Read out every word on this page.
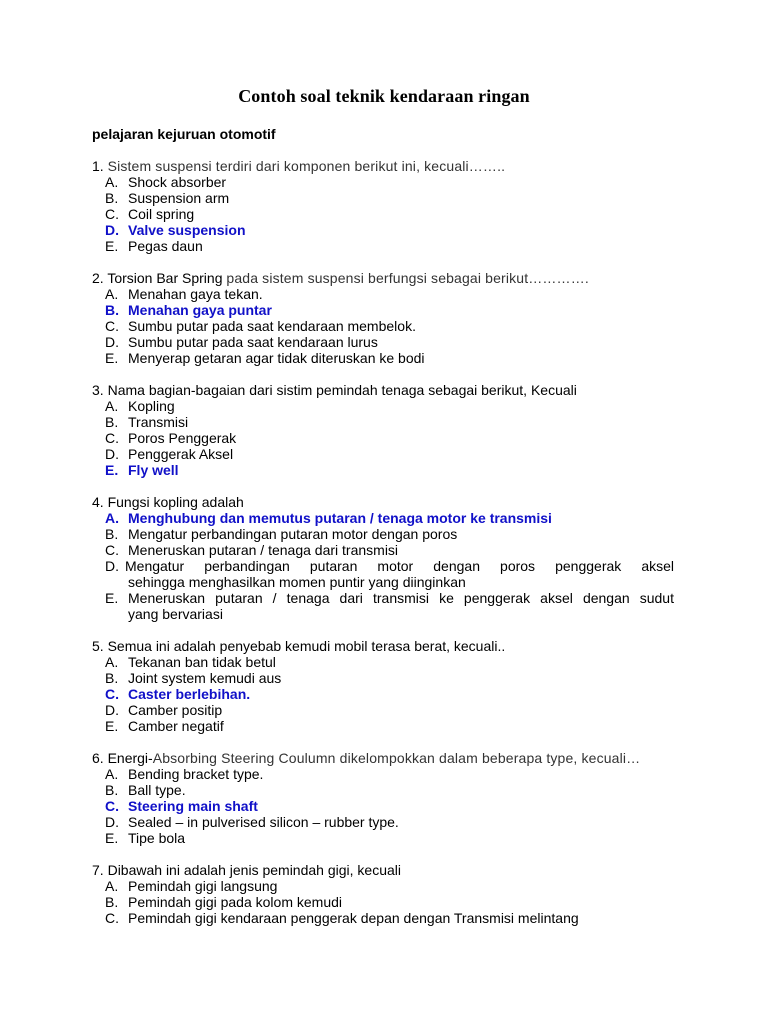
Contoh soal teknik kendaraan ringan
pelajaran kejuruan otomotif
1. Sistem suspensi terdiri dari komponen berikut ini, kecuali……..
A. Shock absorber
B. Suspension arm
C. Coil spring
D. Valve suspension
E. Pegas daun
2. Torsion Bar Spring pada sistem suspensi berfungsi sebagai berikut………….
A. Menahan gaya tekan.
B. Menahan gaya puntar
C. Sumbu putar pada saat kendaraan membelok.
D. Sumbu putar pada saat kendaraan lurus
E. Menyerap getaran agar tidak diteruskan ke bodi
3. Nama bagian-bagaian dari sistim pemindah tenaga sebagai berikut, Kecuali
A. Kopling
B. Transmisi
C. Poros Penggerak
D. Penggerak Aksel
E. Fly well
4. Fungsi kopling adalah
A. Menghubung dan memutus putaran / tenaga motor ke transmisi
B. Mengatur perbandingan putaran motor dengan poros
C. Meneruskan putaran / tenaga dari transmisi
D. Mengatur perbandingan putaran motor dengan poros penggerak aksel
sehingga menghasilkan momen puntir yang diinginkan
E. Meneruskan putaran / tenaga dari transmisi ke penggerak aksel dengan sudut
yang bervariasi
5. Semua ini adalah penyebab kemudi mobil terasa berat, kecuali..
A. Tekanan ban tidak betul
B. Joint system kemudi aus
C. Caster berlebihan.
D. Camber positip
E. Camber negatif
6. Energi-Absorbing Steering Coulumn dikelompokkan dalam beberapa type, kecuali…
A. Bending bracket type.
B. Ball type.
C. Steering main shaft
D. Sealed – in pulverised silicon – rubber type.
E. Tipe bola
7. Dibawah ini adalah jenis pemindah gigi, kecuali
A. Pemindah gigi langsung
B. Pemindah gigi pada kolom kemudi
C. Pemindah gigi kendaraan penggerak depan dengan Transmisi melintang
